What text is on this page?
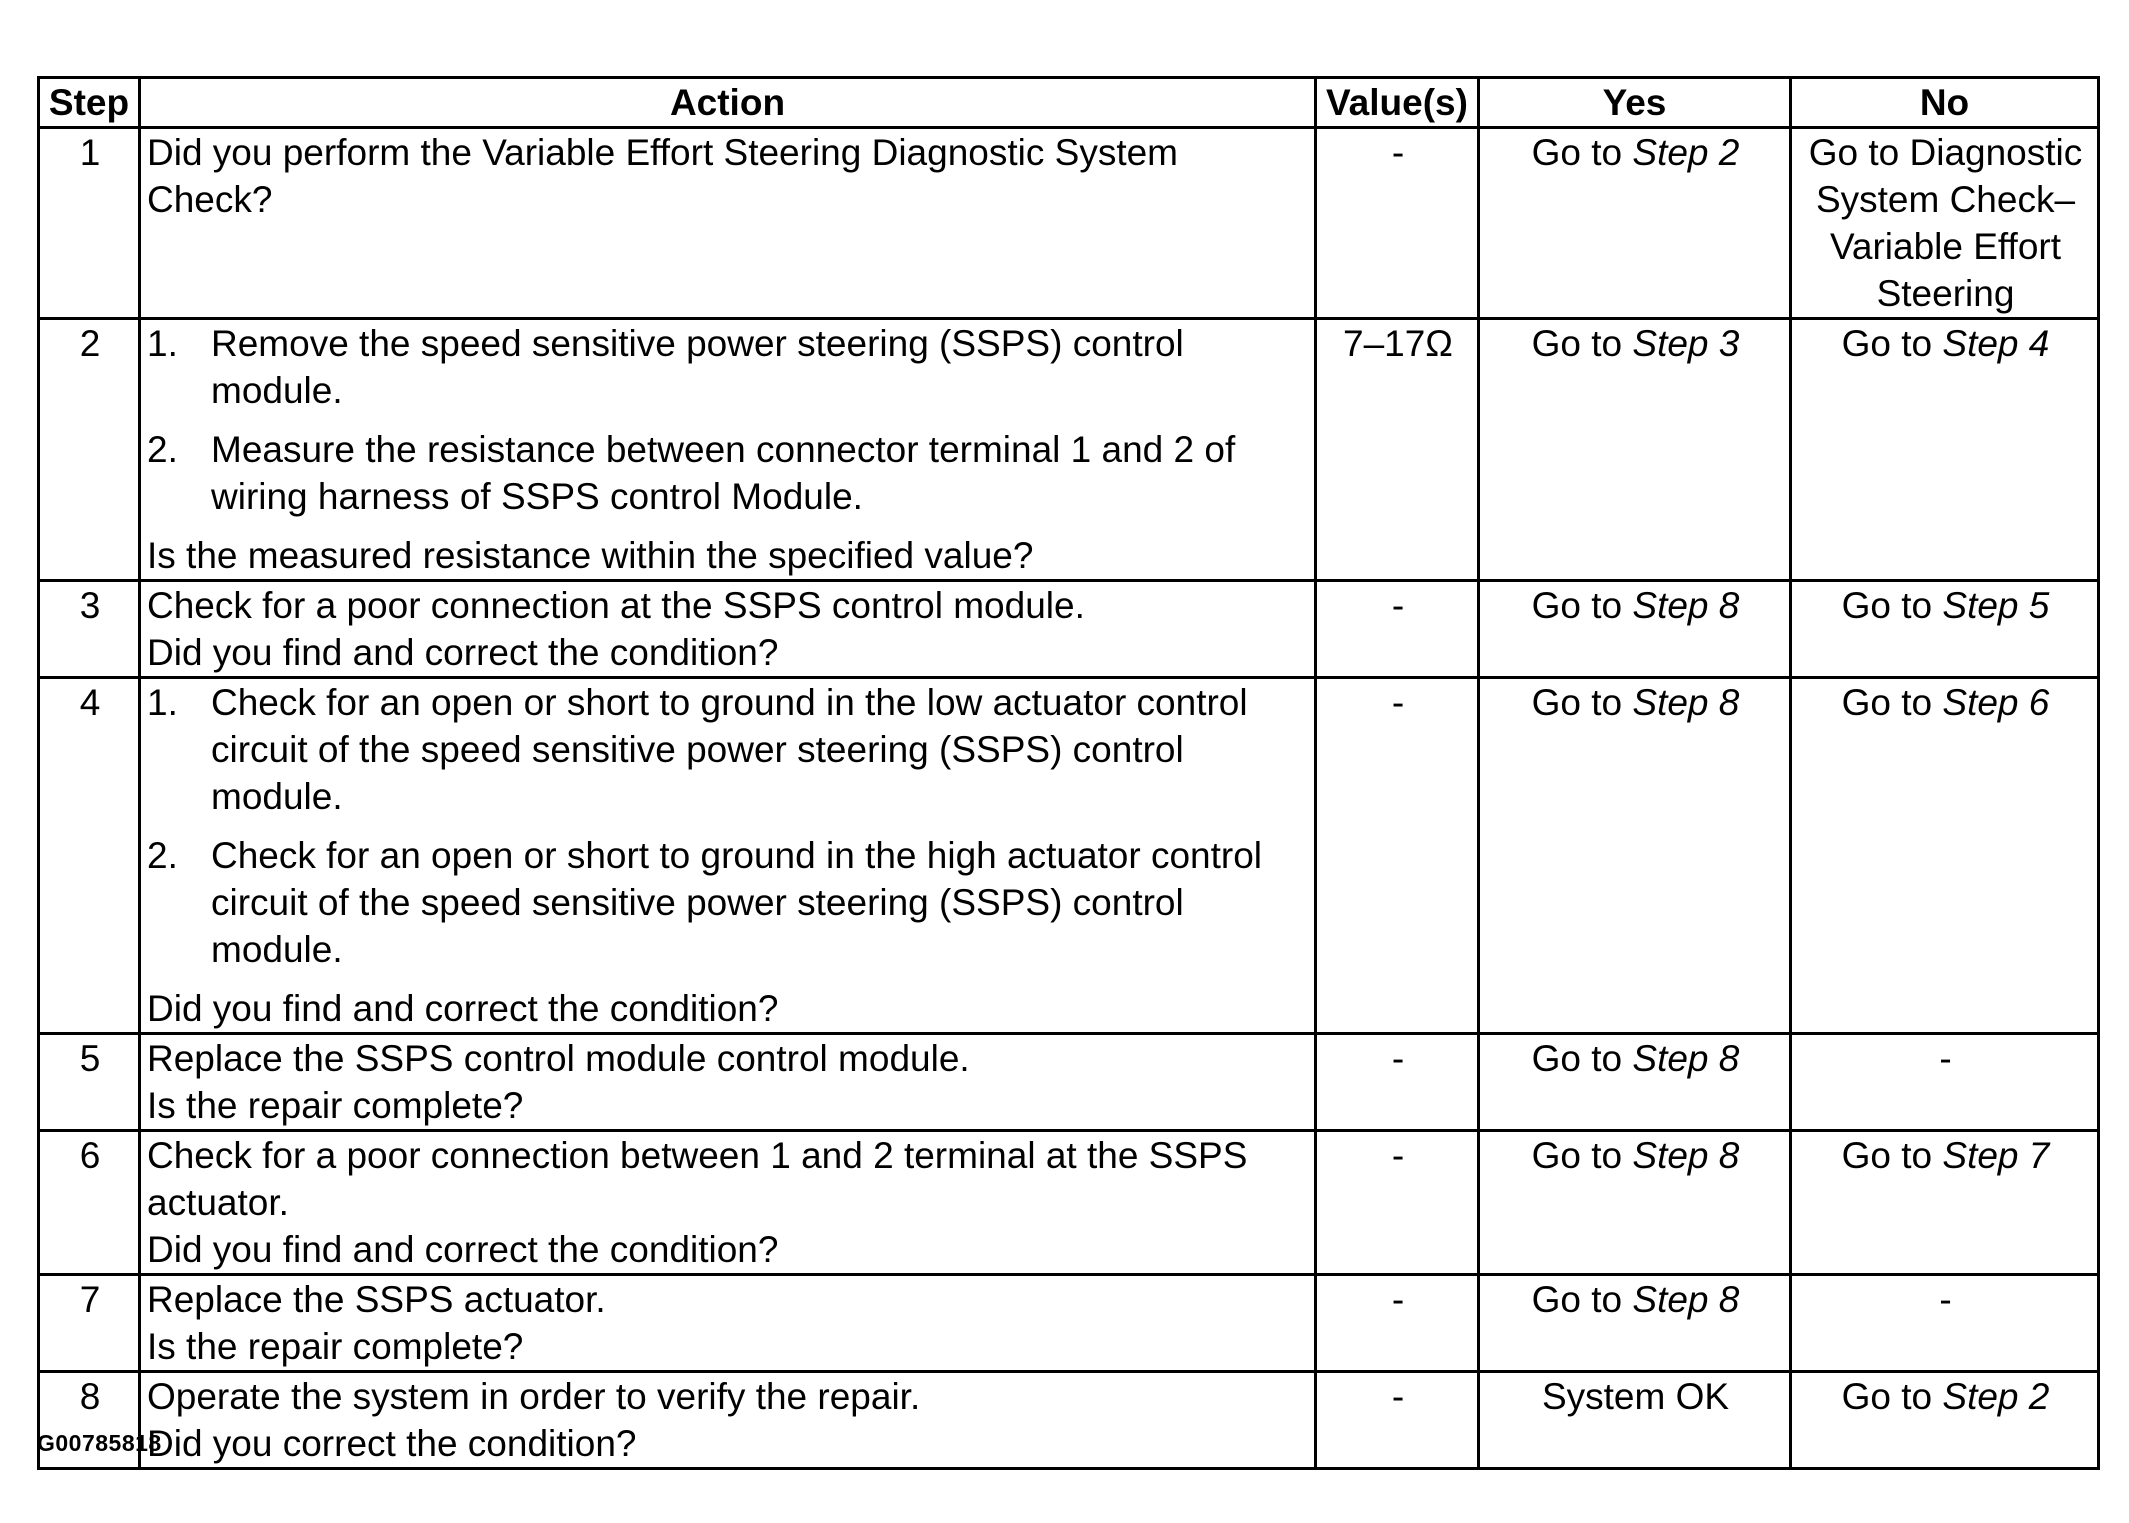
Step	Action	Value(s)	Yes	No
1	Did you perform the Variable Effort Steering Diagnostic System Check?	-	Go to Step 2	Go to Diagnostic System Check– Variable Effort Steering
2	1. Remove the speed sensitive power steering (SSPS) control module.
2. Measure the resistance between connector terminal 1 and 2 of wiring harness of SSPS control Module.
Is the measured resistance within the specified value?	7–17Ω	Go to Step 3	Go to Step 4
3	Check for a poor connection at the SSPS control module.
Did you find and correct the condition?	-	Go to Step 8	Go to Step 5
4	1. Check for an open or short to ground in the low actuator control circuit of the speed sensitive power steering (SSPS) control module.
2. Check for an open or short to ground in the high actuator control circuit of the speed sensitive power steering (SSPS) control module.
Did you find and correct the condition?	-	Go to Step 8	Go to Step 6
5	Replace the SSPS control module control module.
Is the repair complete?	-	Go to Step 8	-
6	Check for a poor connection between 1 and 2 terminal at the SSPS actuator.
Did you find and correct the condition?	-	Go to Step 8	Go to Step 7
7	Replace the SSPS actuator.
Is the repair complete?	-	Go to Step 8	-
8	Operate the system in order to verify the repair.
Did you correct the condition?	-	System OK	Go to Step 2
G00785818
